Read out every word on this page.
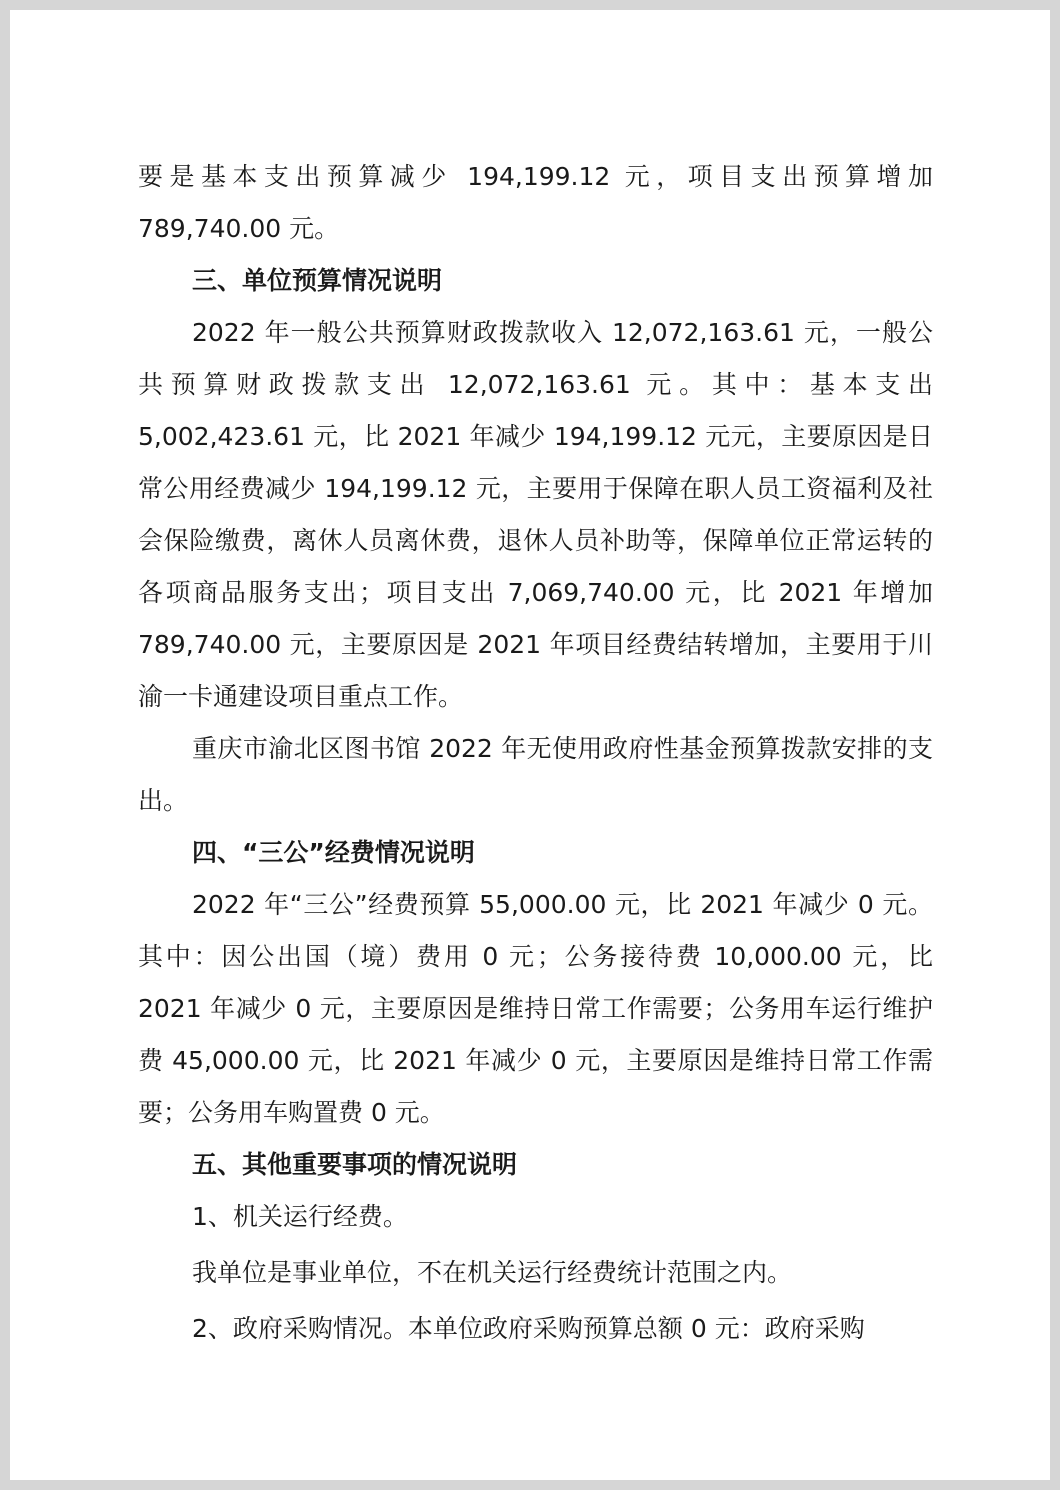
要是基本支出预算减少 194,199.12 元，项目支出预算增加 789,740.00 元。

三、单位预算情况说明

2022 年一般公共预算财政拨款收入 12,072,163.61 元，一般公共预算财政拨款支出 12,072,163.61 元。其中：基本支出 5,002,423.61 元，比 2021 年减少 194,199.12 元元，主要原因是日常公用经费减少 194,199.12 元，主要用于保障在职人员工资福利及社会保险缴费，离休人员离休费，退休人员补助等，保障单位正常运转的各项商品服务支出；项目支出 7,069,740.00 元，比 2021 年增加 789,740.00 元，主要原因是 2021 年项目经费结转增加，主要用于川渝一卡通建设项目重点工作。

重庆市渝北区图书馆 2022 年无使用政府性基金预算拨款安排的支出。

四、“三公”经费情况说明

2022 年“三公”经费预算 55,000.00 元，比 2021 年减少 0 元。其中：因公出国（境）费用 0 元；公务接待费 10,000.00 元，比 2021 年减少 0 元，主要原因是维持日常工作需要；公务用车运行维护费 45,000.00 元，比 2021 年减少 0 元，主要原因是维持日常工作需要；公务用车购置费 0 元。

五、其他重要事项的情况说明

1、机关运行经费。

我单位是事业单位，不在机关运行经费统计范围之内。

2、政府采购情况。本单位政府采购预算总额 0 元：政府采购
